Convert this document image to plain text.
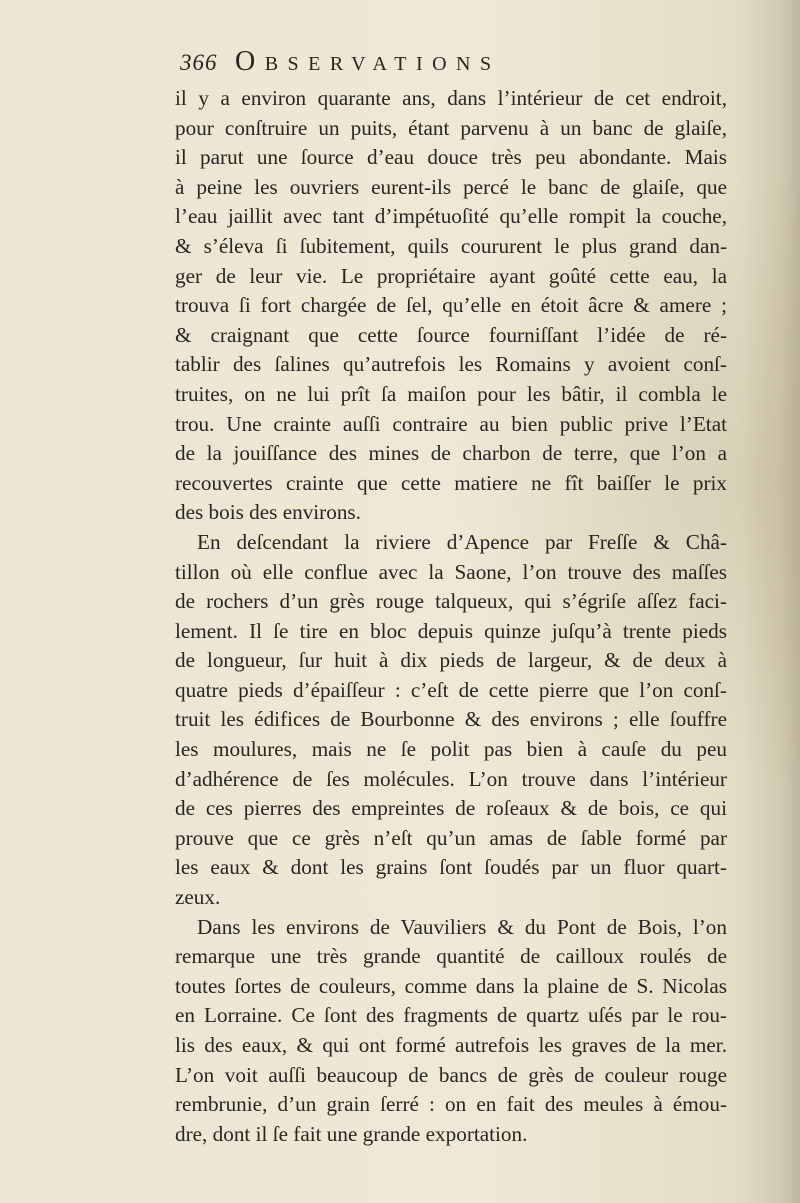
366 Observations
il y a environ quarante ans, dans l’intérieur de cet endroit,
pour conſtruire un puits, étant parvenu à un banc de glaiſe,
il parut une ſource d’eau douce très peu abondante. Mais
à peine les ouvriers eurent-ils percé le banc de glaiſe, que
l’eau jaillit avec tant d’impétuoſité qu’elle rompit la couche,
& s’éleva ſi ſubitement, quils coururent le plus grand dan-
ger de leur vie. Le propriétaire ayant goûté cette eau, la
trouva ſi fort chargée de ſel, qu’elle en étoit âcre & amere ;
& craignant que cette ſource fourniſſant l’idée de ré-
tablir des ſalines qu’autrefois les Romains y avoient conſ-
truites, on ne lui prît ſa maiſon pour les bâtir, il combla le
trou. Une crainte auſſi contraire au bien public prive l’Etat
de la jouiſſance des mines de charbon de terre, que l’on a
recouvertes crainte que cette matiere ne fît baiſſer le prix
des bois des environs.
En deſcendant la riviere d’Apence par Freſſe & Châ-
tillon où elle conflue avec la Saone, l’on trouve des maſſes
de rochers d’un grès rouge talqueux, qui s’égriſe aſſez faci-
lement. Il ſe tire en bloc depuis quinze juſqu’à trente pieds
de longueur, ſur huit à dix pieds de largeur, & de deux à
quatre pieds d’épaiſſeur : c’eſt de cette pierre que l’on conſ-
truit les édifices de Bourbonne & des environs ; elle ſouffre
les moulures, mais ne ſe polit pas bien à cauſe du peu
d’adhérence de ſes molécules. L’on trouve dans l’intérieur
de ces pierres des empreintes de roſeaux & de bois, ce qui
prouve que ce grès n’eſt qu’un amas de ſable formé par
les eaux & dont les grains ſont ſoudés par un fluor quart-
zeux.
Dans les environs de Vauviliers & du Pont de Bois, l’on
remarque une très grande quantité de cailloux roulés de
toutes ſortes de couleurs, comme dans la plaine de S. Nicolas
en Lorraine. Ce ſont des fragments de quartz uſés par le rou-
lis des eaux, & qui ont formé autrefois les graves de la mer.
L’on voit auſſi beaucoup de bancs de grès de couleur rouge
rembrunie, d’un grain ſerré : on en fait des meules à émou-
dre, dont il ſe fait une grande exportation.
